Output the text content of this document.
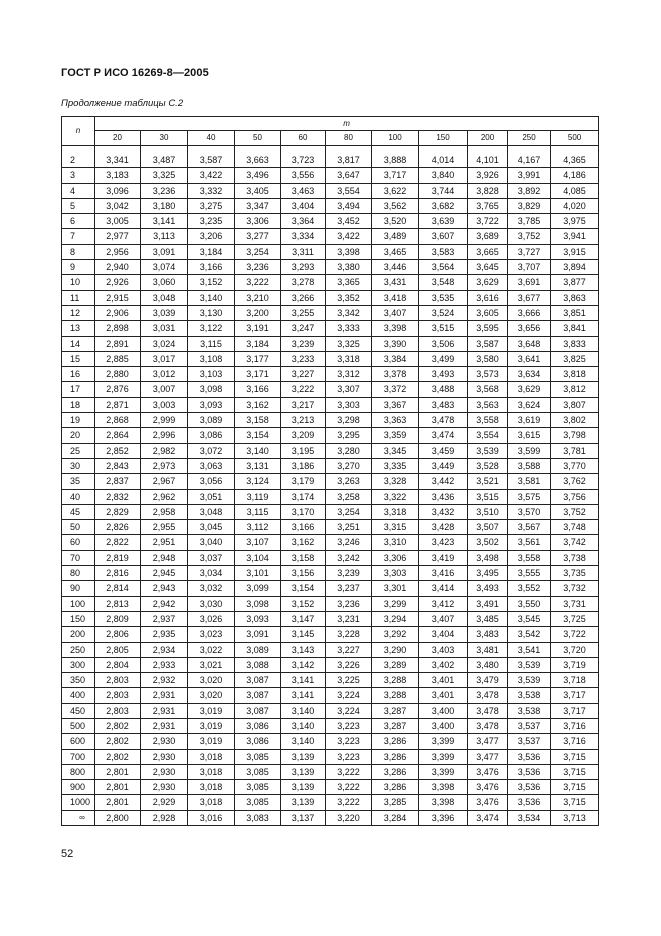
ГОСТ Р ИСО 16269-8—2005
Продолжение таблицы С.2
n	m										
	20	30	40	50	60	80	100	150	200	250	500

2	3,341	3,487	3,587	3,663	3,723	3,817	3,888	4,014	4,101	4,167	4,365
3	3,183	3,325	3,422	3,496	3,556	3,647	3,717	3,840	3,926	3,991	4,186
4	3,096	3,236	3,332	3,405	3,463	3,554	3,622	3,744	3,828	3,892	4,085
5	3,042	3,180	3,275	3,347	3,404	3,494	3,562	3,682	3,765	3,829	4,020
6	3,005	3,141	3,235	3,306	3,364	3,452	3,520	3,639	3,722	3,785	3,975
7	2,977	3,113	3,206	3,277	3,334	3,422	3,489	3,607	3,689	3,752	3,941
8	2,956	3,091	3,184	3,254	3,311	3,398	3,465	3,583	3,665	3,727	3,915
9	2,940	3,074	3,166	3,236	3,293	3,380	3,446	3,564	3,645	3,707	3,894
10	2,926	3,060	3,152	3,222	3,278	3,365	3,431	3,548	3,629	3,691	3,877
11	2,915	3,048	3,140	3,210	3,266	3,352	3,418	3,535	3,616	3,677	3,863
12	2,906	3,039	3,130	3,200	3,255	3,342	3,407	3,524	3,605	3,666	3,851
13	2,898	3,031	3,122	3,191	3,247	3,333	3,398	3,515	3,595	3,656	3,841
14	2,891	3,024	3,115	3,184	3,239	3,325	3,390	3,506	3,587	3,648	3,833
15	2,885	3,017	3,108	3,177	3,233	3,318	3,384	3,499	3,580	3,641	3,825
16	2,880	3,012	3,103	3,171	3,227	3,312	3,378	3,493	3,573	3,634	3,818
17	2,876	3,007	3,098	3,166	3,222	3,307	3,372	3,488	3,568	3,629	3,812
18	2,871	3,003	3,093	3,162	3,217	3,303	3,367	3,483	3,563	3,624	3,807
19	2,868	2,999	3,089	3,158	3,213	3,298	3,363	3,478	3,558	3,619	3,802
20	2,864	2,996	3,086	3,154	3,209	3,295	3,359	3,474	3,554	3,615	3,798
25	2,852	2,982	3,072	3,140	3,195	3,280	3,345	3,459	3,539	3,599	3,781
30	2,843	2,973	3,063	3,131	3,186	3,270	3,335	3,449	3,528	3,588	3,770
35	2,837	2,967	3,056	3,124	3,179	3,263	3,328	3,442	3,521	3,581	3,762
40	2,832	2,962	3,051	3,119	3,174	3,258	3,322	3,436	3,515	3,575	3,756
45	2,829	2,958	3,048	3,115	3,170	3,254	3,318	3,432	3,510	3,570	3,752
50	2,826	2,955	3,045	3,112	3,166	3,251	3,315	3,428	3,507	3,567	3,748
60	2,822	2,951	3,040	3,107	3,162	3,246	3,310	3,423	3,502	3,561	3,742
70	2,819	2,948	3,037	3,104	3,158	3,242	3,306	3,419	3,498	3,558	3,738
80	2,816	2,945	3,034	3,101	3,156	3,239	3,303	3,416	3,495	3,555	3,735
90	2,814	2,943	3,032	3,099	3,154	3,237	3,301	3,414	3,493	3,552	3,732
100	2,813	2,942	3,030	3,098	3,152	3,236	3,299	3,412	3,491	3,550	3,731
150	2,809	2,937	3,026	3,093	3,147	3,231	3,294	3,407	3,485	3,545	3,725
200	2,806	2,935	3,023	3,091	3,145	3,228	3,292	3,404	3,483	3,542	3,722
250	2,805	2,934	3,022	3,089	3,143	3,227	3,290	3,403	3,481	3,541	3,720
300	2,804	2,933	3,021	3,088	3,142	3,226	3,289	3,402	3,480	3,539	3,719
350	2,803	2,932	3,020	3,087	3,141	3,225	3,288	3,401	3,479	3,539	3,718
400	2,803	2,931	3,020	3,087	3,141	3,224	3,288	3,401	3,478	3,538	3,717
450	2,803	2,931	3,019	3,087	3,140	3,224	3,287	3,400	3,478	3,538	3,717
500	2,802	2,931	3,019	3,086	3,140	3,223	3,287	3,400	3,478	3,537	3,716
600	2,802	2,930	3,019	3,086	3,140	3,223	3,286	3,399	3,477	3,537	3,716
700	2,802	2,930	3,018	3,085	3,139	3,223	3,286	3,399	3,477	3,536	3,715
800	2,801	2,930	3,018	3,085	3,139	3,222	3,286	3,399	3,476	3,536	3,715
900	2,801	2,930	3,018	3,085	3,139	3,222	3,286	3,398	3,476	3,536	3,715
1000	2,801	2,929	3,018	3,085	3,139	3,222	3,285	3,398	3,476	3,536	3,715
∞	2,800	2,928	3,016	3,083	3,137	3,220	3,284	3,396	3,474	3,534	3,713
52
